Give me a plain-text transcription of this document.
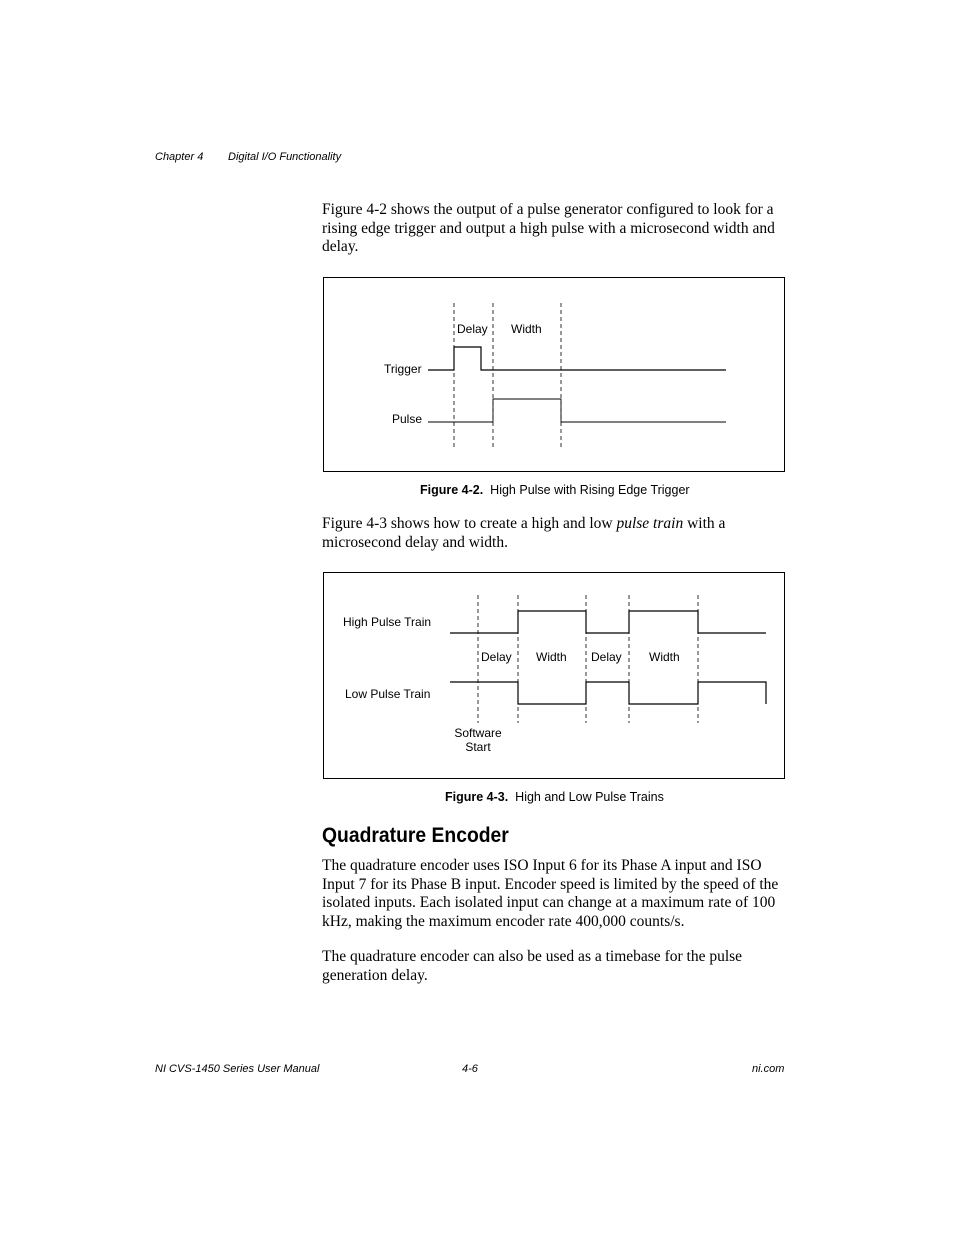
Chapter 4 Digital I/O Functionality
Figure 4-2 shows the output of a pulse generator configured to look for a rising edge trigger and output a high pulse with a microsecond width and delay.
Delay Width
Trigger
Pulse
Figure 4-2. High Pulse with Rising Edge Trigger
Figure 4-3 shows how to create a high and low pulse train with a microsecond delay and width.
High Pulse Train
Low Pulse Train
Delay Width Delay Width
Software
Start
Figure 4-3. High and Low Pulse Trains
Quadrature Encoder
The quadrature encoder uses ISO Input 6 for its Phase A input and ISO Input 7 for its Phase B input. Encoder speed is limited by the speed of the isolated inputs. Each isolated input can change at a maximum rate of 100 kHz, making the maximum encoder rate 400,000 counts/s.
The quadrature encoder can also be used as a timebase for the pulse generation delay.
NI CVS-1450 Series User Manual	4-6	ni.com
